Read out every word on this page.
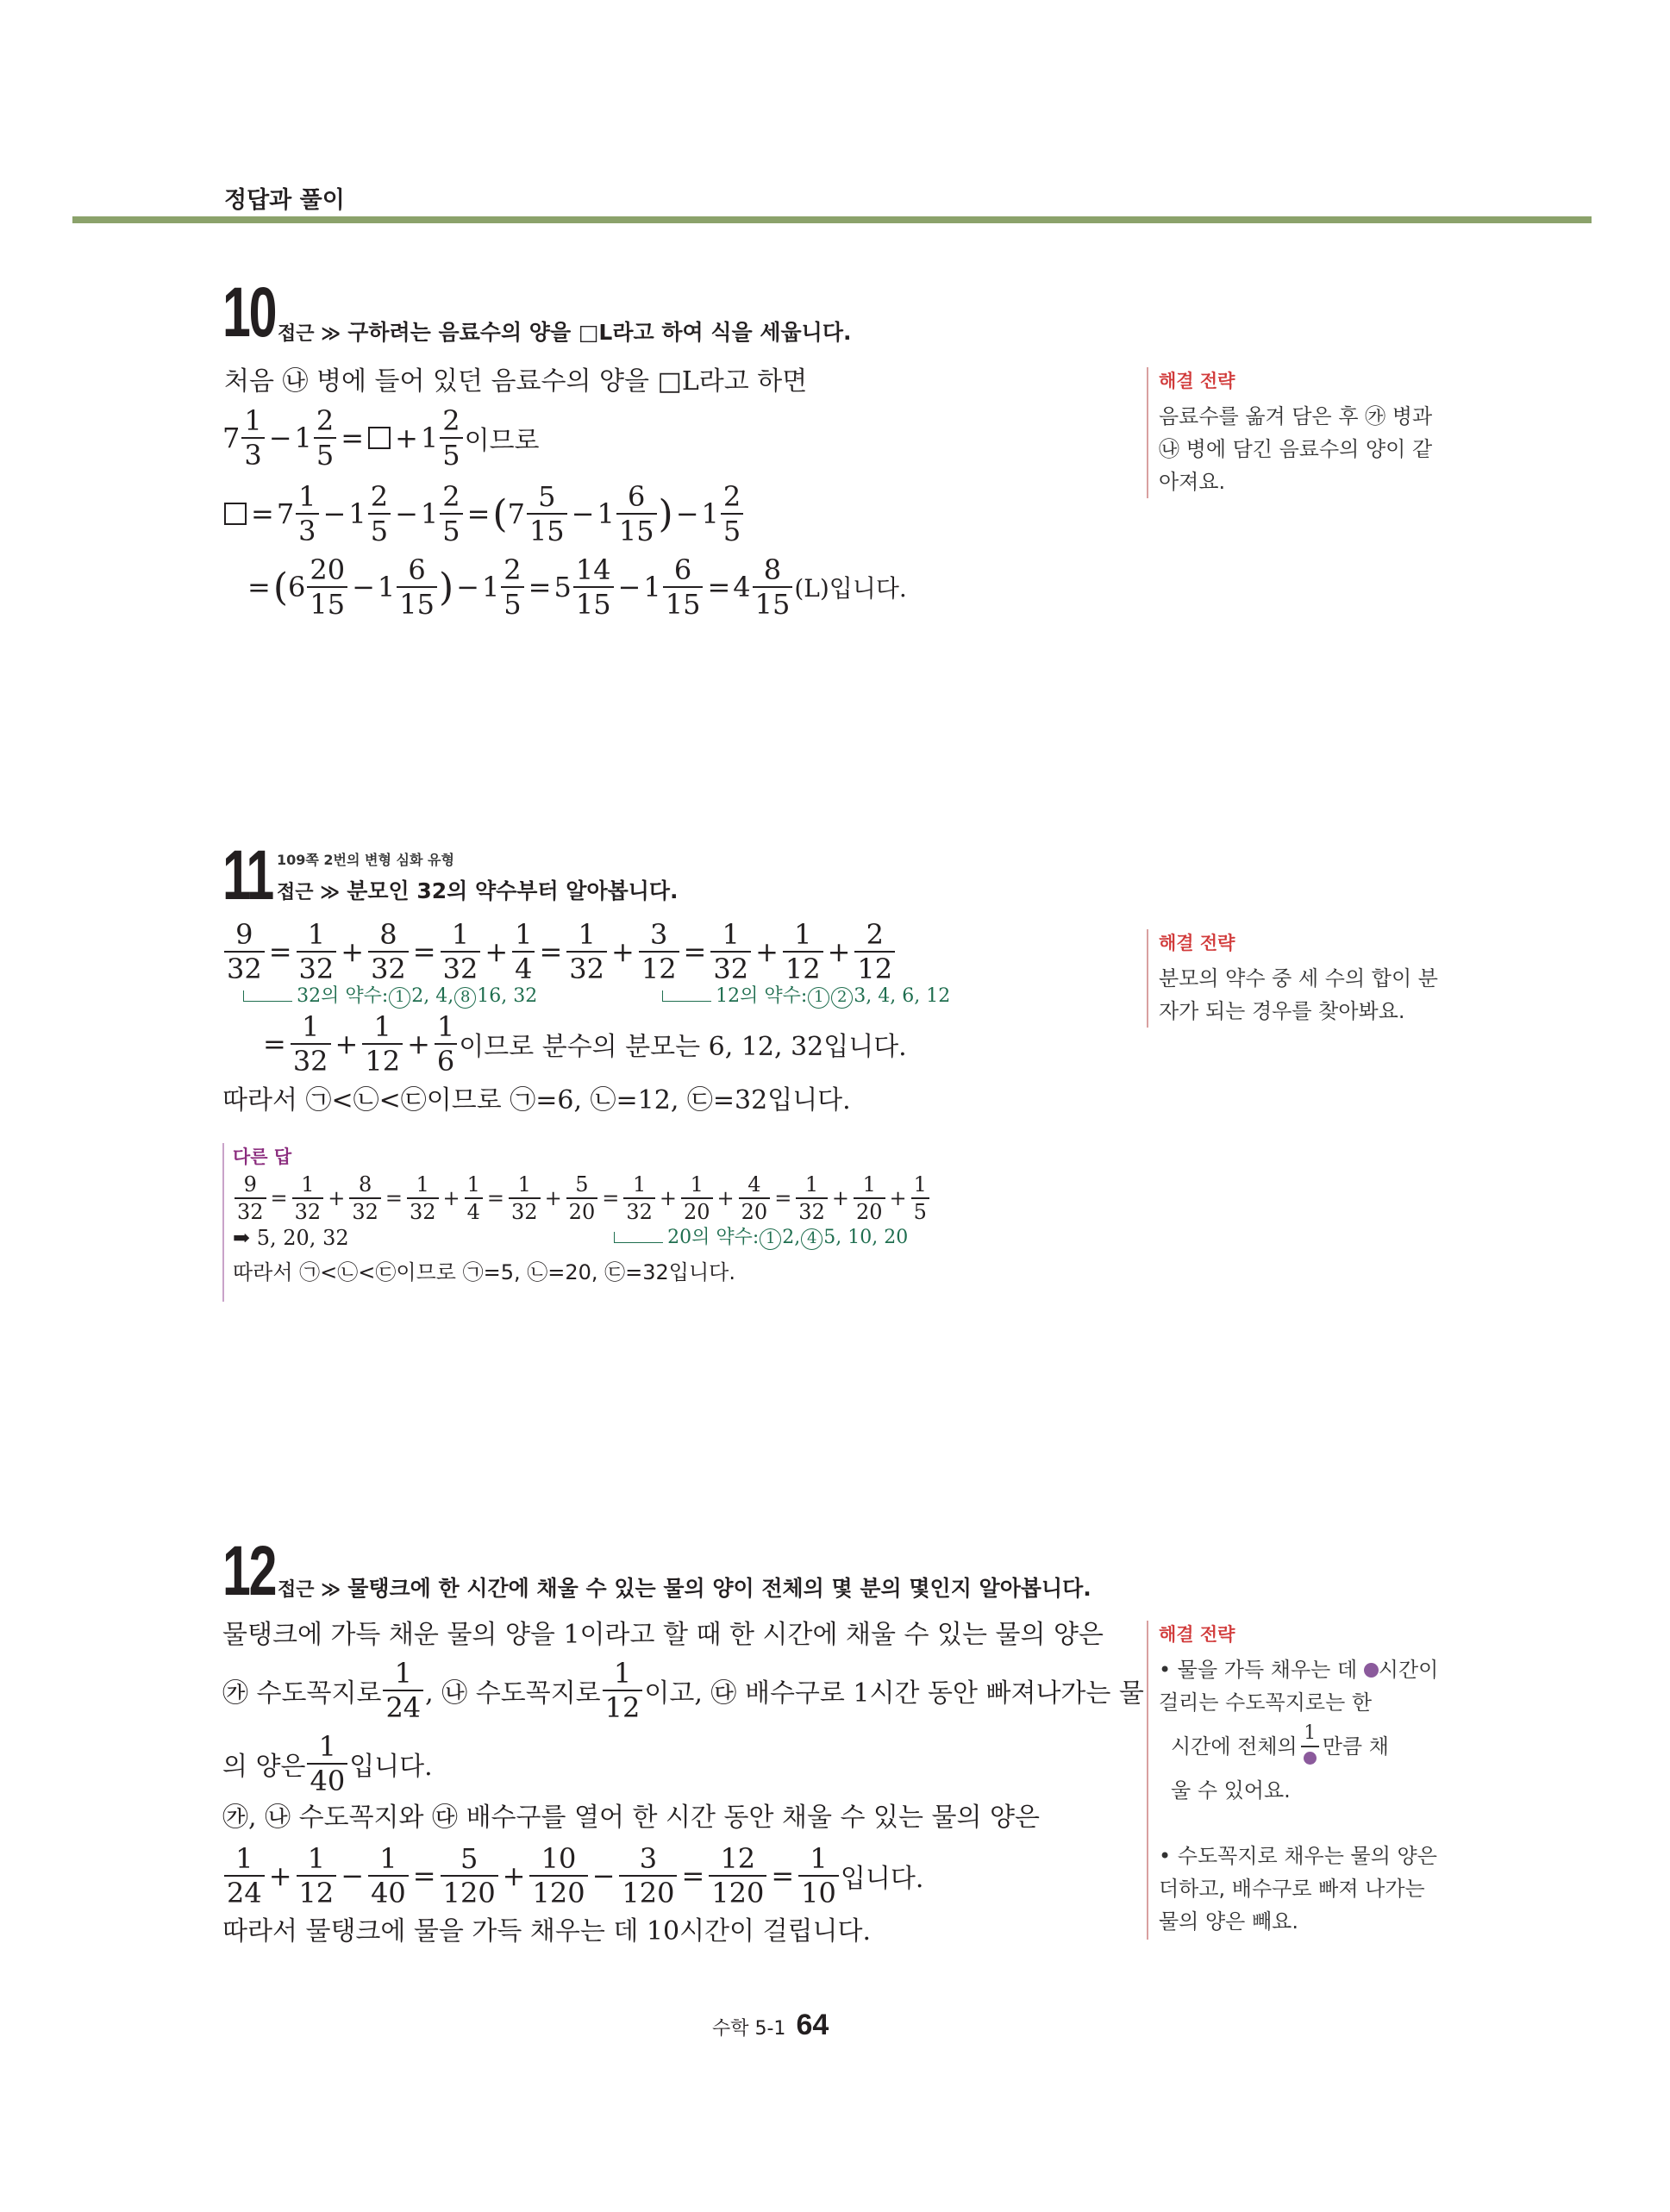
정답과 풀이
10 접근 ≫ 구하려는 음료수의 양을 □L라고 하여 식을 세웁니다.
처음 ㉯ 병에 들어 있던 음료수의 양을 □L라고 하면
$7 \frac{1}{3} - 1 \frac{2}{5}$ = + $1 \frac{2}{5}$ 이므로
= $7 \frac{1}{3} - 1 \frac{2}{5} - 1 \frac{2}{5}$ = ( $7 \frac{5}{15} - 1 \frac{6}{15}$ ) − $1 \frac{2}{5}$
= ( $6 \frac{20}{15} - 1 \frac{6}{15}$ ) − $1 \frac{2}{5} = 5 \frac{14}{15} - 1 \frac{6}{15} = 4 \frac{8}{15} (L)$입니다.
해결 전략
음료수를 옮겨 담은 후 ㉮ 병과 ㉯ 병에 담긴 음료수의 양이 같아져요.
109쪽 2번의 변형 심화 유형
11 접근 ≫ 분모인 32의 약수부터 알아봅니다.
$\frac{9}{32} = \frac{1}{32} + \frac{8}{32} = \frac{1}{32} + \frac{1}{4} = \frac{1}{32} + \frac{3}{12} = \frac{1}{32} + \frac{1}{12} + \frac{2}{12}$
32의 약수: 1 2, 4, 8 16, 32	12의 약수: 1 2 3, 4, 6, 12
= $\frac{1}{32} + \frac{1}{12} + \frac{1}{6}$ 이므로 분수의 분모는 6, 12, 32입니다.
따라서 ㉠<㉡<㉢이므로 ㉠=6, ㉡=12, ㉢=32입니다.
해결 전략
분모의 약수 중 세 수의 합이 분자가 되는 경우를 찾아봐요.
다른 답
$\frac{9}{32} = \frac{1}{32} + \frac{8}{32} = \frac{1}{32} + \frac{1}{4} = \frac{1}{32} + \frac{5}{20} = \frac{1}{32} + \frac{1}{20} + \frac{4}{20} = \frac{1}{32} + \frac{1}{20} + \frac{1}{5}$
➡ 5, 20, 32	20의 약수: 1 2, 4 5, 10, 20
따라서 ㉠<㉡<㉢이므로 ㉠=5, ㉡=20, ㉢=32입니다.
12 접근 ≫ 물탱크에 한 시간에 채울 수 있는 물의 양이 전체의 몇 분의 몇인지 알아봅니다.
물탱크에 가득 채운 물의 양을 1이라고 할 때 한 시간에 채울 수 있는 물의 양은
㉮ 수도꼭지로 $\frac{1}{24}$ , ㉯ 수도꼭지로 $\frac{1}{12}$ 이고, ㉰ 배수구로 1시간 동안 빠져나가는 물
의 양은 $\frac{1}{40}$ 입니다.
㉮, ㉯ 수도꼭지와 ㉰ 배수구를 열어 한 시간 동안 채울 수 있는 물의 양은
$\frac{1}{24} + \frac{1}{12} - \frac{1}{40} = \frac{5}{120} + \frac{10}{120} - \frac{3}{120} = \frac{12}{120} = \frac{1}{10}$ 입니다.
따라서 물탱크에 물을 가득 채우는 데 10시간이 걸립니다.
해결 전략
• 물을 가득 채우는 데 시간이 걸리는 수도꼭지로는 한
시간에 전체의
1
만큼 채
울 수 있어요.
• 수도꼭지로 채우는 물의 양은 더하고, 배수구로 빠져 나가는 물의 양은 빼요.
수학 5-1 64
